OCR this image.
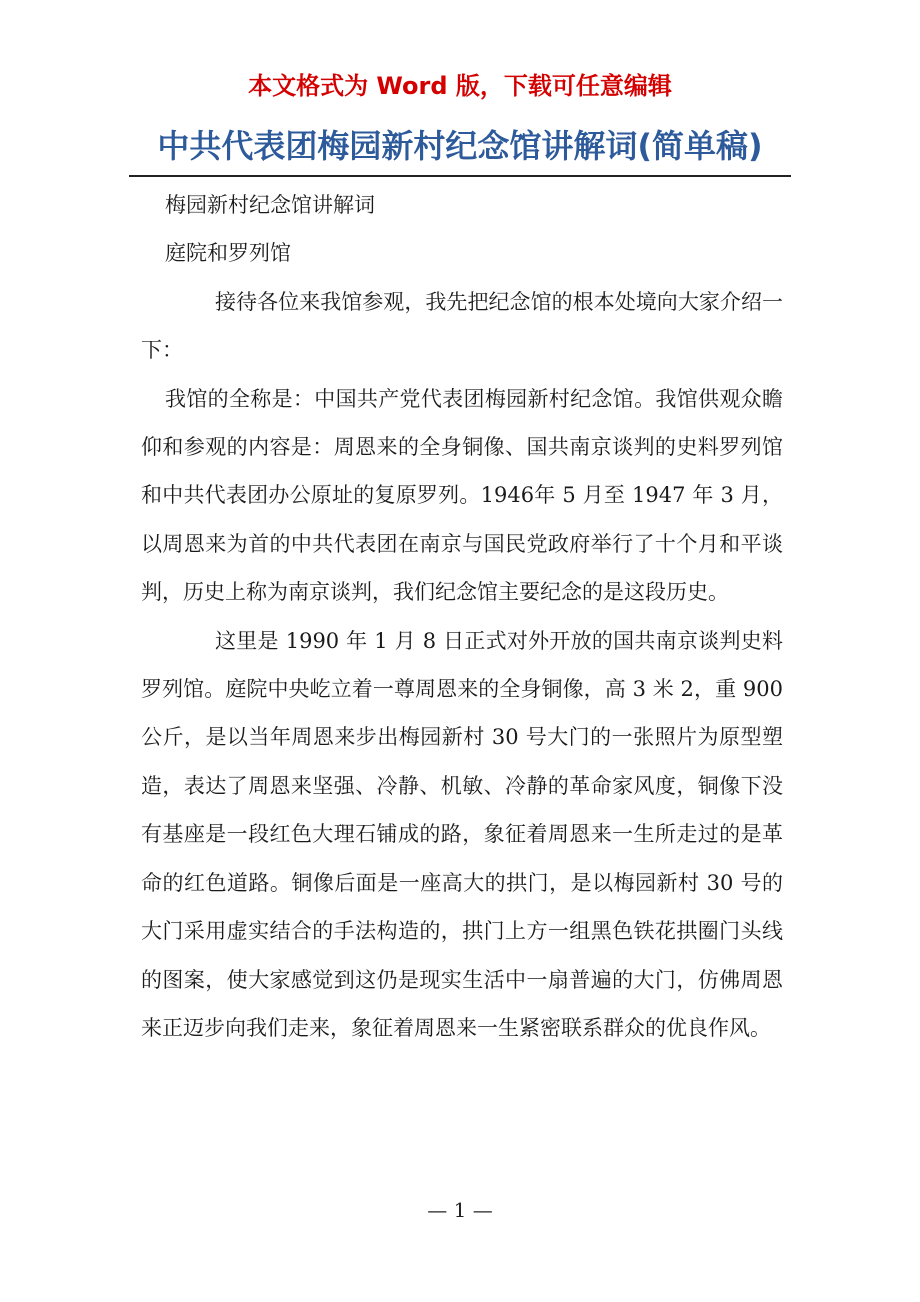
本文格式为 Word 版，下载可任意编辑

中共代表团梅园新村纪念馆讲解词(简单稿)

梅园新村纪念馆讲解词

庭院和罗列馆

接待各位来我馆参观，我先把纪念馆的根本处境向大家介绍一下：

我馆的全称是：中国共产党代表团梅园新村纪念馆。我馆供观众瞻仰和参观的内容是：周恩来的全身铜像、国共南京谈判的史料罗列馆和中共代表团办公原址的复原罗列。1946年 5 月至 1947 年 3 月，以周恩来为首的中共代表团在南京与国民党政府举行了十个月和平谈判，历史上称为南京谈判，我们纪念馆主要纪念的是这段历史。

这里是 1990 年 1 月 8 日正式对外开放的国共南京谈判史料罗列馆。庭院中央屹立着一尊周恩来的全身铜像，高 3 米 2，重 900 公斤，是以当年周恩来步出梅园新村 30 号大门的一张照片为原型塑造，表达了周恩来坚强、冷静、机敏、冷静的革命家风度，铜像下没有基座是一段红色大理石铺成的路，象征着周恩来一生所走过的是革命的红色道路。铜像后面是一座高大的拱门，是以梅园新村 30 号的大门采用虚实结合的手法构造的，拱门上方一组黑色铁花拱圈门头线的图案，使大家感觉到这仍是现实生活中一扇普遍的大门，仿佛周恩来正迈步向我们走来，象征着周恩来一生紧密联系群众的优良作风。

— 1 —
